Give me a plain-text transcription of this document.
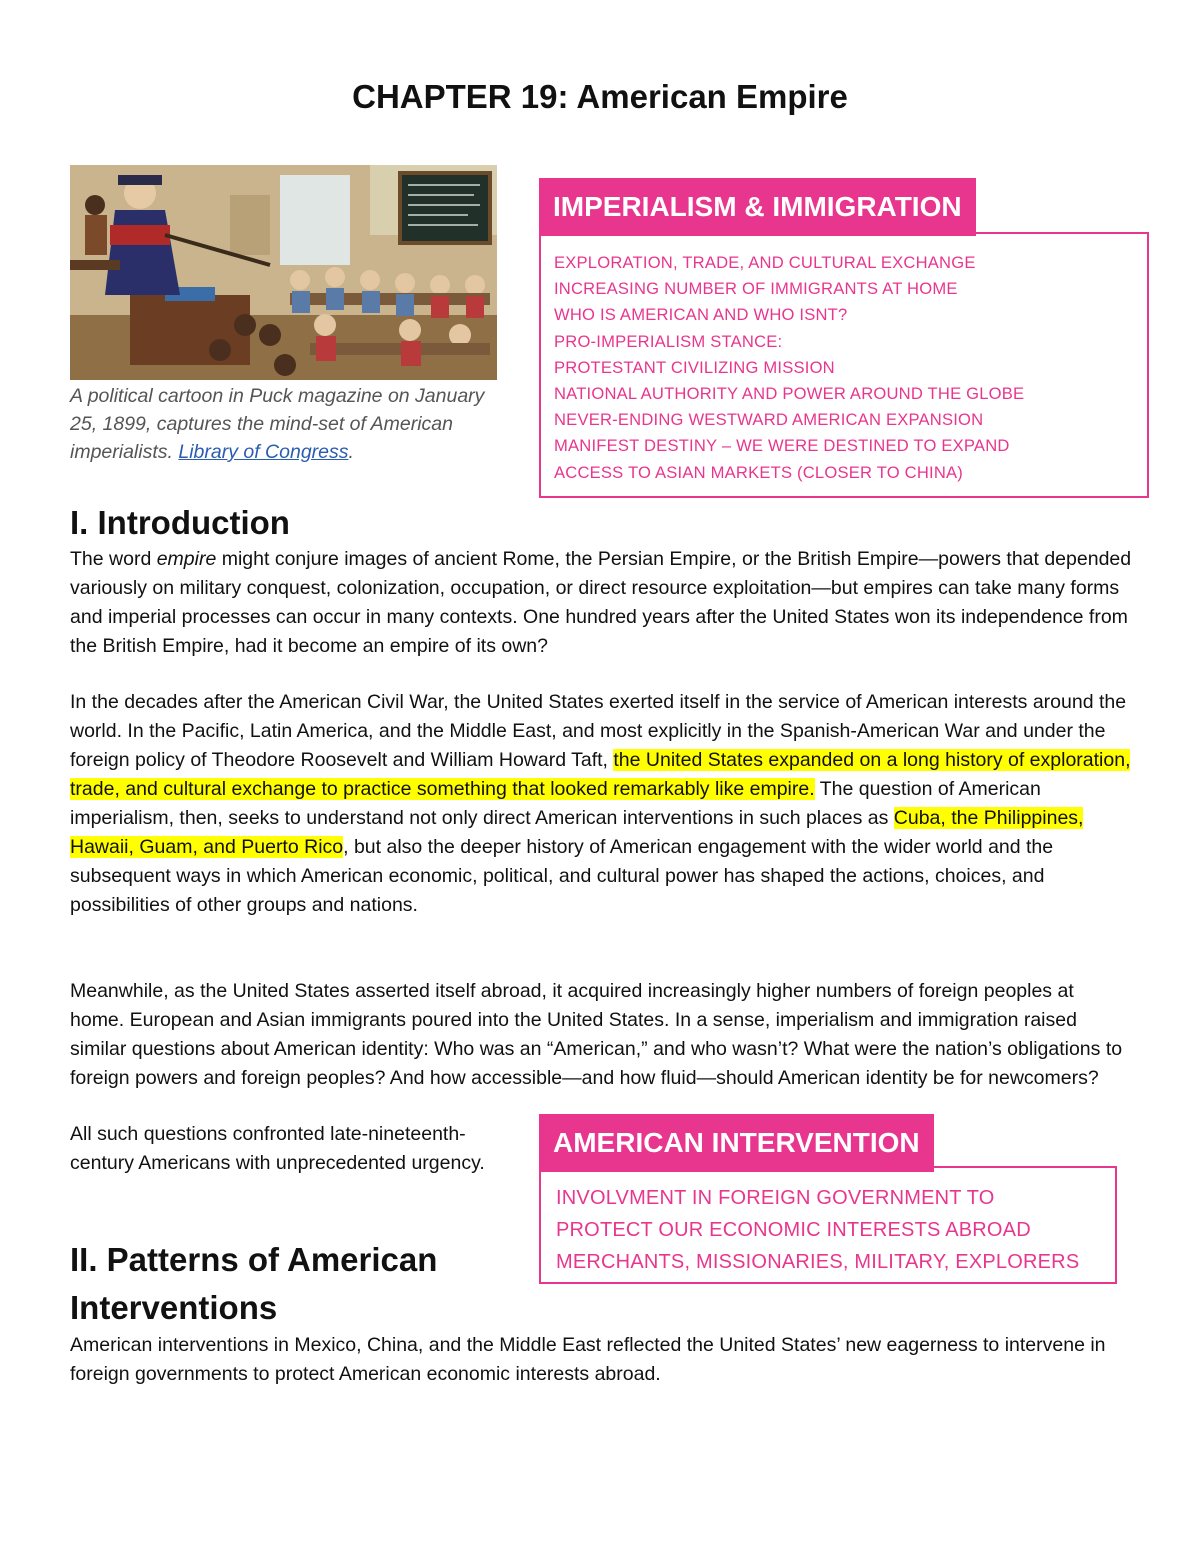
CHAPTER 19: American Empire
A political cartoon in Puck magazine on January 25, 1899, captures the mind-set of American imperialists. Library of Congress.
EXPLORATION, TRADE, AND CULTURAL EXCHANGE
INCREASING NUMBER OF IMMIGRANTS AT HOME
WHO IS AMERICAN AND WHO ISNT?
PRO-IMPERIALISM STANCE:
PROTESTANT CIVILIZING MISSION
NATIONAL AUTHORITY AND POWER AROUND THE GLOBE
NEVER-ENDING WESTWARD AMERICAN EXPANSION
MANIFEST DESTINY – WE WERE DESTINED TO EXPAND
ACCESS TO ASIAN MARKETS (CLOSER TO CHINA)
IMPERIALISM & IMMIGRATION
I. Introduction

The word empire might conjure images of ancient Rome, the Persian Empire, or the British Empire—powers that depended variously on military conquest, colonization, occupation, or direct resource exploitation—but empires can take many forms and imperial processes can occur in many contexts. One hundred years after the United States won its independence from the British Empire, had it become an empire of its own?

In the decades after the American Civil War, the United States exerted itself in the service of American interests around the world. In the Pacific, Latin America, and the Middle East, and most explicitly in the Spanish-American War and under the foreign policy of Theodore Roosevelt and William Howard Taft, the United States expanded on a long history of exploration, trade, and cultural exchange to practice something that looked remarkably like empire. The question of American imperialism, then, seeks to understand not only direct American interventions in such places as Cuba, the Philippines, Hawaii, Guam, and Puerto Rico, but also the deeper history of American engagement with the wider world and the subsequent ways in which American economic, political, and cultural power has shaped the actions, choices, and possibilities of other groups and nations.

Meanwhile, as the United States asserted itself abroad, it acquired increasingly higher numbers of foreign peoples at home. European and Asian immigrants poured into the United States. In a sense, imperialism and immigration raised similar questions about American identity: Who was an “American,” and who wasn’t? What were the nation’s obligations to foreign powers and foreign peoples? And how accessible—and how fluid—should American identity be for newcomers?

All such questions confronted late-nineteenth-century Americans with unprecedented urgency.

INVOLVMENT IN FOREIGN GOVERNMENT TO
PROTECT OUR ECONOMIC INTERESTS ABROAD
MERCHANTS, MISSIONARIES, MILITARY, EXPLORERS
AMERICAN INTERVENTION
II. Patterns of American Interventions

American interventions in Mexico, China, and the Middle East reflected the United States’ new eagerness to intervene in foreign governments to protect American economic interests abroad.
